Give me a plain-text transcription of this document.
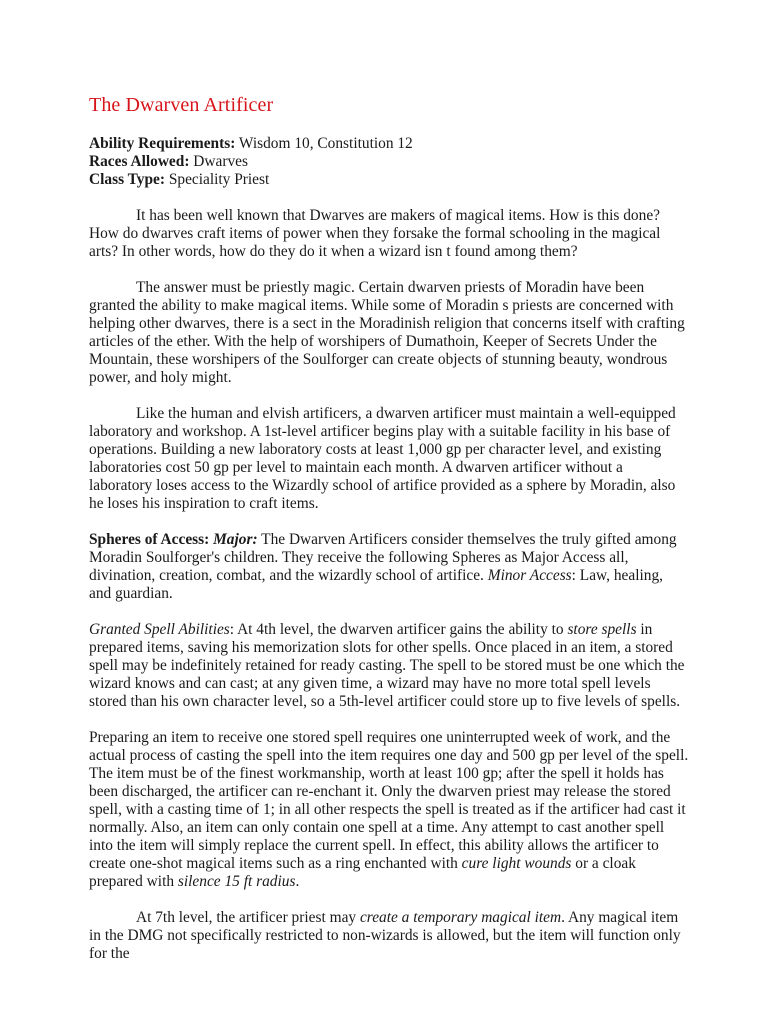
The Dwarven Artificer
Ability Requirements: Wisdom 10, Constitution 12
Races Allowed: Dwarves
Class Type: Speciality Priest

It has been well known that Dwarves are makers of magical items. How is this done? How do dwarves craft items of power when they forsake the formal schooling in the magical arts? In other words, how do they do it when a wizard isn t found among them?

The answer must be priestly magic. Certain dwarven priests of Moradin have been granted the ability to make magical items. While some of Moradin s priests are concerned with helping other dwarves, there is a sect in the Moradinish religion that concerns itself with crafting articles of the ether. With the help of worshipers of Dumathoin, Keeper of Secrets Under the Mountain, these worshipers of the Soulforger can create objects of stunning beauty, wondrous power, and holy might.

Like the human and elvish artificers, a dwarven artificer must maintain a well-equipped laboratory and workshop. A 1st-level artificer begins play with a suitable facility in his base of operations. Building a new laboratory costs at least 1,000 gp per character level, and existing laboratories cost 50 gp per level to maintain each month. A dwarven artificer without a laboratory loses access to the Wizardly school of artifice provided as a sphere by Moradin, also he loses his inspiration to craft items.

Spheres of Access: Major: The Dwarven Artificers consider themselves the truly gifted among Moradin Soulforger's children. They receive the following Spheres as Major Access all, divination, creation, combat, and the wizardly school of artifice. Minor Access: Law, healing, and guardian.

Granted Spell Abilities: At 4th level, the dwarven artificer gains the ability to store spells in prepared items, saving his memorization slots for other spells. Once placed in an item, a stored spell may be indefinitely retained for ready casting. The spell to be stored must be one which the wizard knows and can cast; at any given time, a wizard may have no more total spell levels stored than his own character level, so a 5th-level artificer could store up to five levels of spells.

Preparing an item to receive one stored spell requires one uninterrupted week of work, and the actual process of casting the spell into the item requires one day and 500 gp per level of the spell. The item must be of the finest workmanship, worth at least 100 gp; after the spell it holds has been discharged, the artificer can re-enchant it. Only the dwarven priest may release the stored spell, with a casting time of 1; in all other respects the spell is treated as if the artificer had cast it normally. Also, an item can only contain one spell at a time. Any attempt to cast another spell into the item will simply replace the current spell. In effect, this ability allows the artificer to create one-shot magical items such as a ring enchanted with cure light wounds or a cloak prepared with silence 15 ft radius.

At 7th level, the artificer priest may create a temporary magical item. Any magical item in the DMG not specifically restricted to non-wizards is allowed, but the item will function only for the
